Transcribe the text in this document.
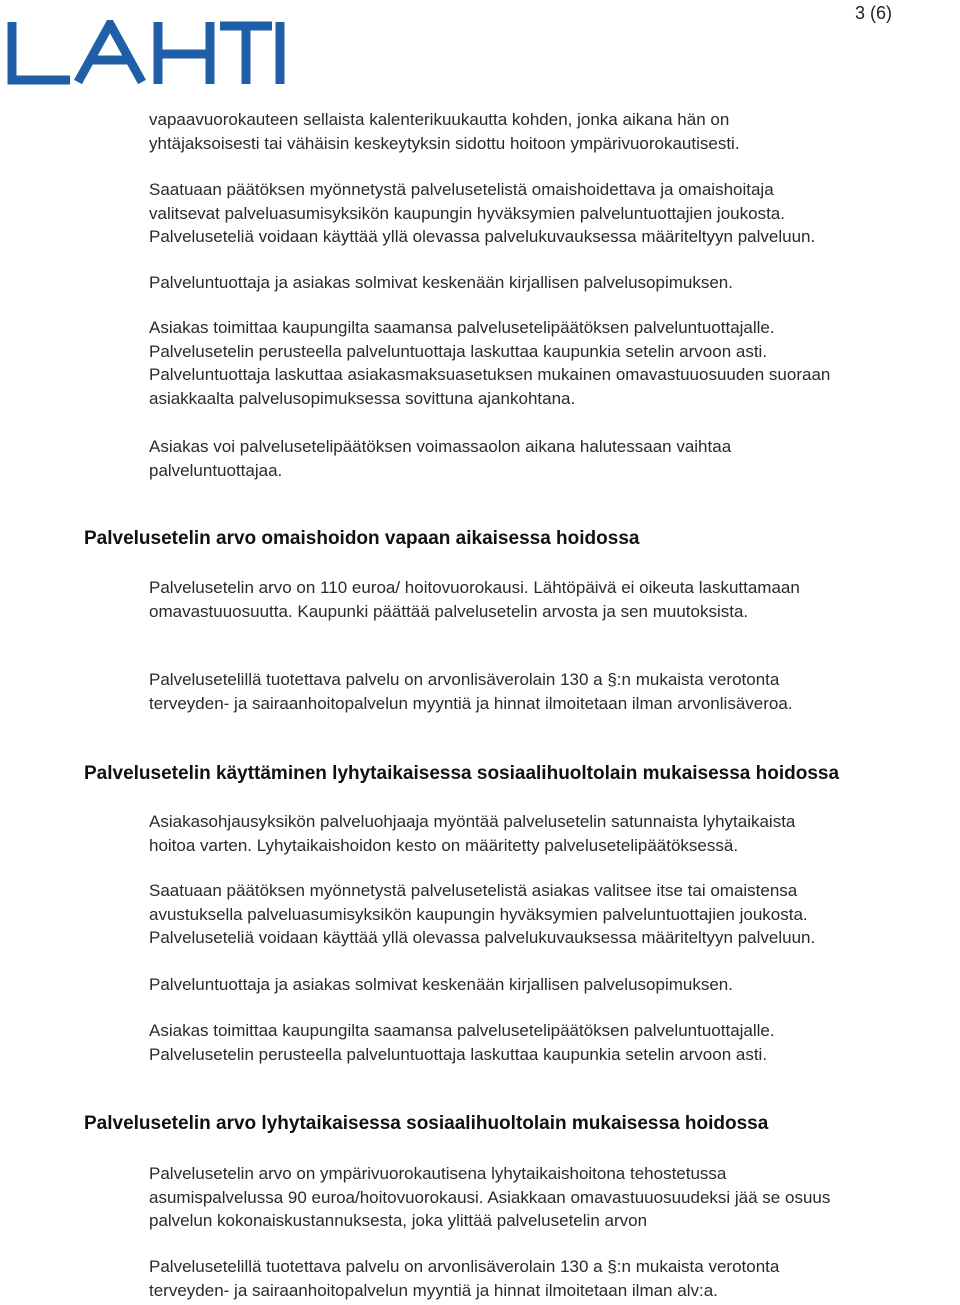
3 (6)

vapaavuorokauteen sellaista kalenterikuukautta kohden, jonka aikana hän on
yhtäjaksoisesti tai vähäisin keskeytyksin sidottu hoitoon ympärivuorokautisesti.

Saatuaan päätöksen myönnetystä palvelusetelistä omaishoidettava ja omaishoitaja
valitsevat palveluasumisyksikön kaupungin hyväksymien palveluntuottajien joukosta.
Palveluseteliä voidaan käyttää yllä olevassa palvelukuvauksessa määriteltyyn palveluun.

Palveluntuottaja ja asiakas solmivat keskenään kirjallisen palvelusopimuksen.

Asiakas toimittaa kaupungilta saamansa palvelusetelipäätöksen palveluntuottajalle.
Palvelusetelin perusteella palveluntuottaja laskuttaa kaupunkia setelin arvoon asti.
Palveluntuottaja laskuttaa asiakasmaksuasetuksen mukainen omavastuuosuuden suoraan
asiakkaalta palvelusopimuksessa sovittuna ajankohtana.

Asiakas voi palvelusetelipäätöksen voimassaolon aikana halutessaan vaihtaa
palveluntuottajaa.

Palvelusetelin arvo omaishoidon vapaan aikaisessa hoidossa

Palvelusetelin arvo on 110 euroa/ hoitovuorokausi. Lähtöpäivä ei oikeuta laskuttamaan
omavastuuosuutta. Kaupunki päättää palvelusetelin arvosta ja sen muutoksista.

Palvelusetelillä tuotettava palvelu on arvonlisäverolain 130 a §:n mukaista verotonta
terveyden- ja sairaanhoitopalvelun myyntiä ja hinnat ilmoitetaan ilman arvonlisäveroa.

Palvelusetelin käyttäminen lyhytaikaisessa sosiaalihuoltolain mukaisessa hoidossa

Asiakasohjausyksikön palveluohjaaja myöntää palvelusetelin satunnaista lyhytaikaista
hoitoa varten. Lyhytaikaishoidon kesto on määritetty palvelusetelipäätöksessä.

Saatuaan päätöksen myönnetystä palvelusetelistä asiakas valitsee itse tai omaistensa
avustuksella palveluasumisyksikön kaupungin hyväksymien palveluntuottajien joukosta.
Palveluseteliä voidaan käyttää yllä olevassa palvelukuvauksessa määriteltyyn palveluun.

Palveluntuottaja ja asiakas solmivat keskenään kirjallisen palvelusopimuksen.

Asiakas toimittaa kaupungilta saamansa palvelusetelipäätöksen palveluntuottajalle.
Palvelusetelin perusteella palveluntuottaja laskuttaa kaupunkia setelin arvoon asti.

Palvelusetelin arvo lyhytaikaisessa sosiaalihuoltolain mukaisessa hoidossa

Palvelusetelin arvo on ympärivuorokautisena lyhytaikaishoitona tehostetussa
asumispalvelussa 90 euroa/hoitovuorokausi. Asiakkaan omavastuuosuudeksi jää se osuus
palvelun kokonaiskustannuksesta, joka ylittää palvelusetelin arvon

Palvelusetelillä tuotettava palvelu on arvonlisäverolain 130 a §:n mukaista verotonta
terveyden- ja sairaanhoitopalvelun myyntiä ja hinnat ilmoitetaan ilman alv:a.
